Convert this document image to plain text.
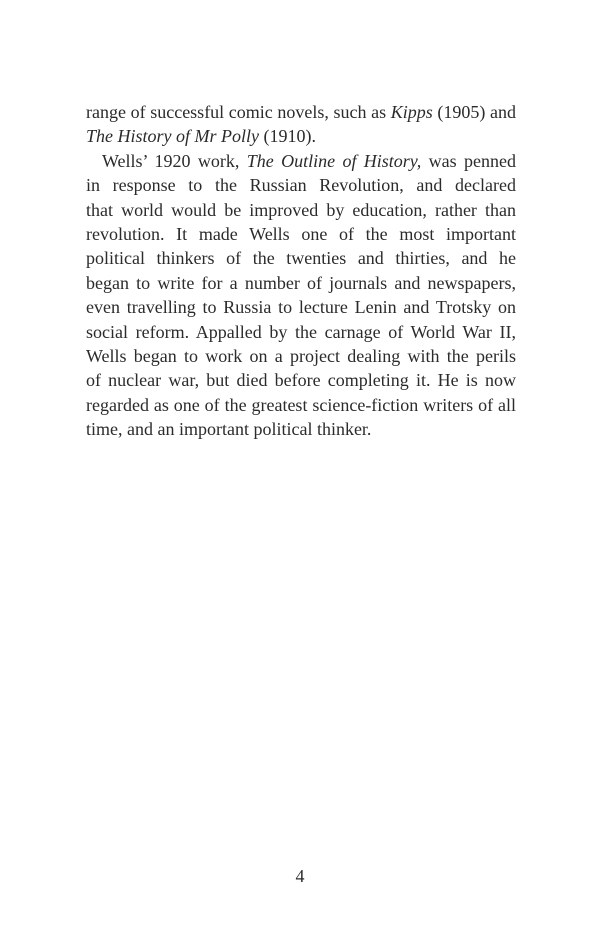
range of successful comic novels, such as Kipps (1905) and
The History of Mr Polly (1910).
Wells’ 1920 work, The Outline of History, was penned
in response to the Russian Revolution, and declared
that world would be improved by education, rather than
revolution. It made Wells one of the most important
political thinkers of the twenties and thirties, and he
began to write for a number of journals and newspapers,
even travelling to Russia to lecture Lenin and Trotsky on
social reform. Appalled by the carnage of World War II,
Wells began to work on a project dealing with the perils
of nuclear war, but died before completing it. He is now
regarded as one of the greatest science-fiction writers of all
time, and an important political thinker.
4
